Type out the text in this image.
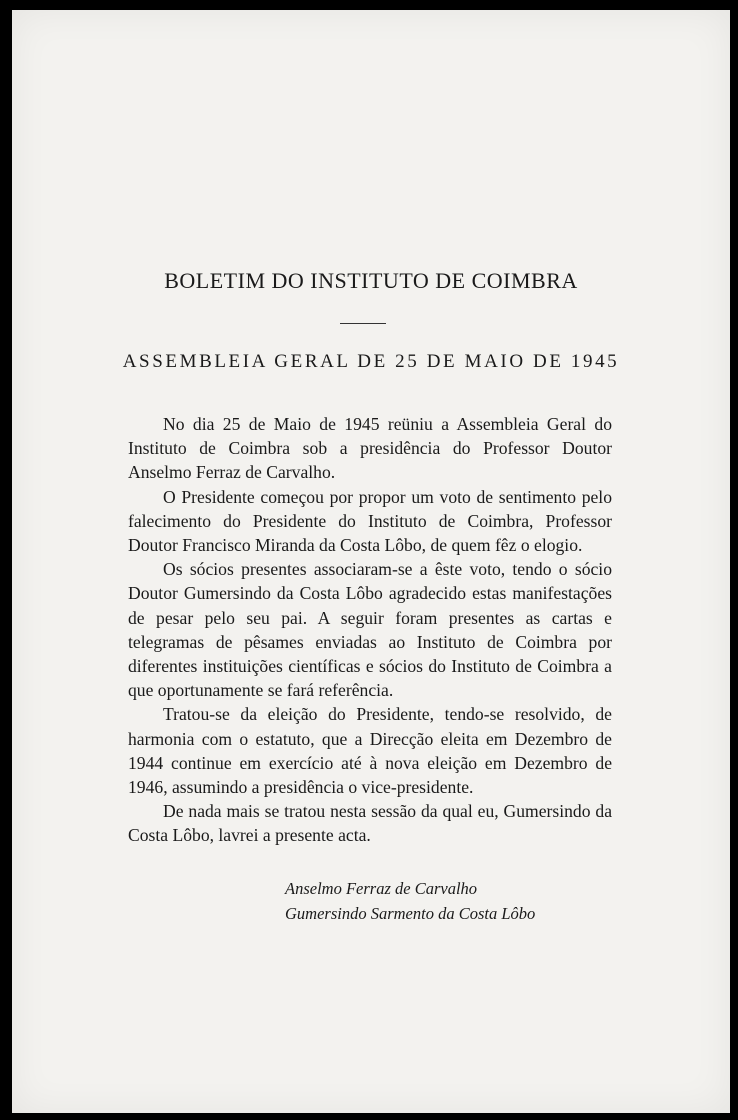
BOLETIM DO INSTITUTO DE COIMBRA
ASSEMBLEIA GERAL DE 25 DE MAIO DE 1945

No dia 25 de Maio de 1945 reüniu a Assembleia Geral do Instituto de Coimbra sob a presidência do Professor Doutor Anselmo Ferraz de Carvalho.

O Presidente começou por propor um voto de sentimento pelo falecimento do Presidente do Instituto de Coimbra, Professor Doutor Francisco Miranda da Costa Lôbo, de quem fêz o elogio.

Os sócios presentes associaram-se a êste voto, tendo o sócio Doutor Gumersindo da Costa Lôbo agradecido estas manifestações de pesar pelo seu pai. A seguir foram presentes as cartas e telegramas de pêsames enviadas ao Instituto de Coimbra por diferentes instituições científicas e sócios do Instituto de Coimbra a que oportunamente se fará referência.

Tratou-se da eleição do Presidente, tendo-se resolvido, de harmonia com o estatuto, que a Direcção eleita em Dezembro de 1944 continue em exercício até à nova eleição em Dezembro de 1946, assumindo a presidência o vice-presidente.

De nada mais se tratou nesta sessão da qual eu, Gumersindo da Costa Lôbo, lavrei a presente acta.

Anselmo Ferraz de Carvalho
Gumersindo Sarmento da Costa Lôbo
